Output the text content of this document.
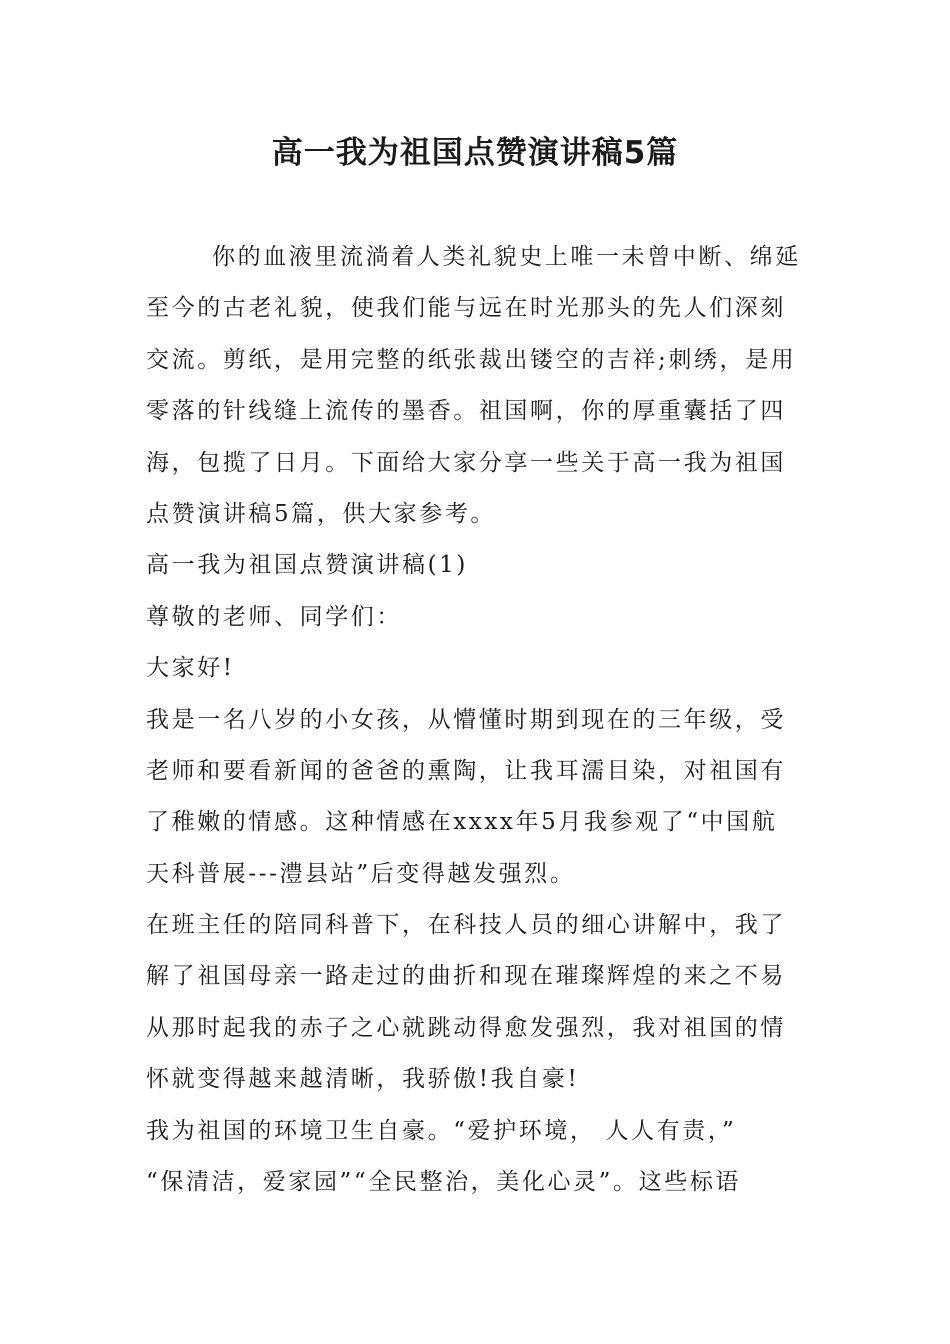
高一我为祖国点赞演讲稿5篇
你的血液里流淌着人类礼貌史上唯一未曾中断、绵延
至今的古老礼貌，使我们能与远在时光那头的先人们深刻
交流。剪纸，是用完整的纸张裁出镂空的吉祥;刺绣，是用
零落的针线缝上流传的墨香。祖国啊，你的厚重囊括了四
海，包揽了日月。下面给大家分享一些关于高一我为祖国
点赞演讲稿5篇，供大家参考。
高一我为祖国点赞演讲稿(1)
尊敬的老师、同学们：
大家好!
我是一名八岁的小女孩，从懵懂时期到现在的三年级，受
老师和要看新闻的爸爸的熏陶，让我耳濡目染，对祖国有
了稚嫩的情感。这种情感在xxxx年5月我参观了“中国航
天科普展---澧县站”后变得越发强烈。
在班主任的陪同科普下，在科技人员的细心讲解中，我了
解了祖国母亲一路走过的曲折和现在璀璨辉煌的来之不易
从那时起我的赤子之心就跳动得愈发强烈，我对祖国的情
怀就变得越来越清晰，我骄傲!我自豪!
我为祖国的环境卫生自豪。“爱护环境， 人人有责，”
“保清洁，爱家园”“全民整治，美化心灵”。这些标语
